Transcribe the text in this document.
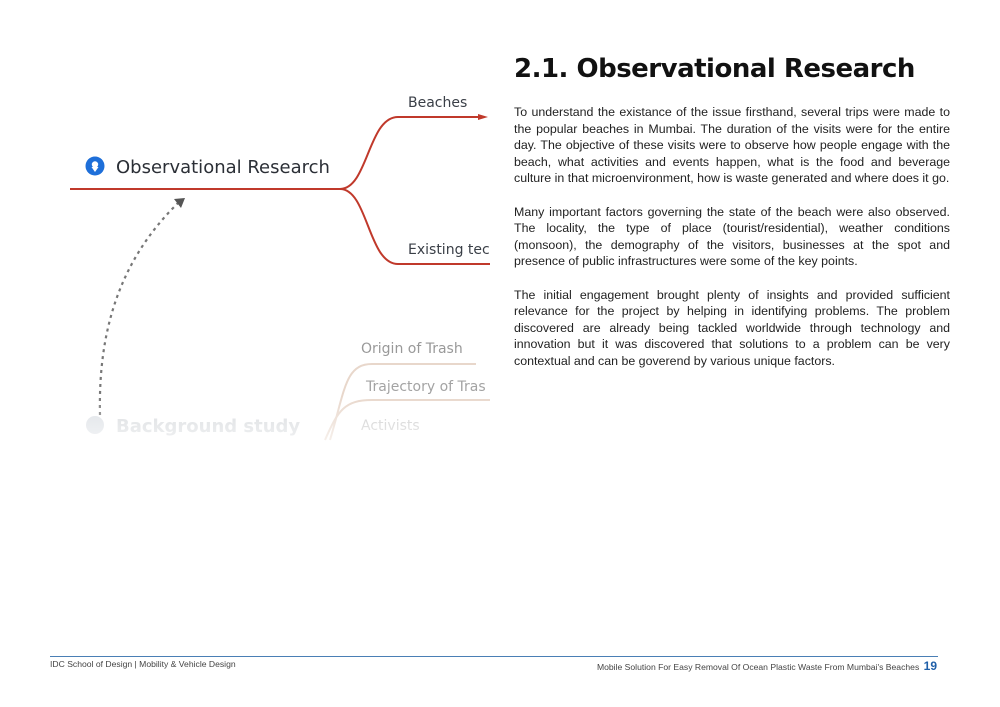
Observational Research
Beaches
Existing tec
Origin of Trash
Trajectory of Tras
2.1. Observational Research

To understand the existance of the issue firsthand, several trips were made to the popular beaches in Mumbai. The duration of the visits were for the entire day. The objective of these visits were to observe how people engage with the beach, what activities and events happen, what is the food and beverage culture in that microenvironment, how is waste generated and where does it go.

Many important factors governing the state of the beach were also observed. The locality, the type of place (tourist/residential), weather conditions (monsoon), the demography of the visitors, businesses at the spot and presence of public infrastructures were some of the key points.

The initial engagement brought plenty of insights and provided sufficient relevance for the project by helping in identifying problems. The problem discovered are already being tackled worldwide through technology and innovation but it was discovered that solutions to a problem can be very contextual and can be goverend by various unique factors.

IDC School of Design | Mobility & Vehicle Design	Mobile Solution For Easy Removal Of Ocean Plastic Waste From Mumbai's Beaches 19
